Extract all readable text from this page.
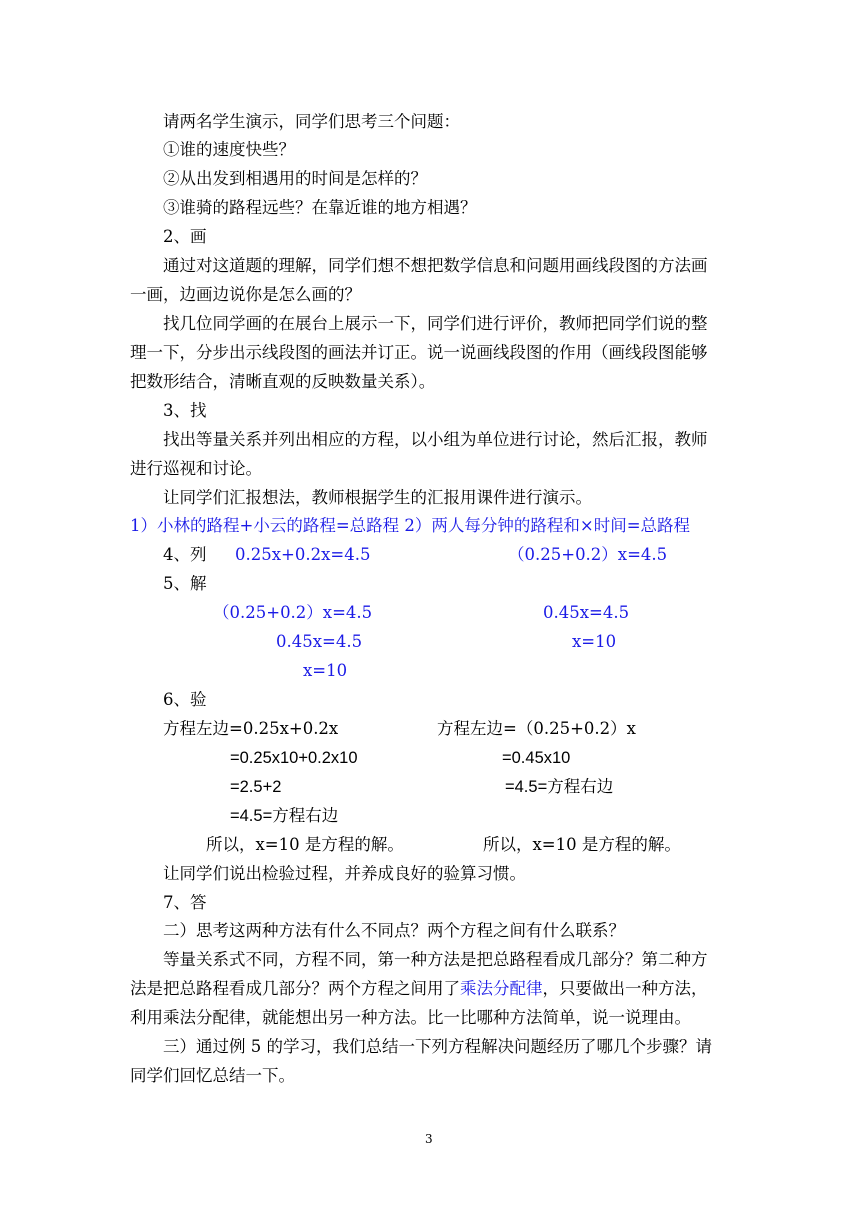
请两名学生演示，同学们思考三个问题：
①谁的速度快些？
②从出发到相遇用的时间是怎样的？
③谁骑的路程远些？在靠近谁的地方相遇？
2、画
通过对这道题的理解，同学们想不想把数学信息和问题用画线段图的方法画
一画，边画边说你是怎么画的？
找几位同学画的在展台上展示一下，同学们进行评价，教师把同学们说的整
理一下，分步出示线段图的画法并订正。说一说画线段图的作用（画线段图能够
把数形结合，清晰直观的反映数量关系）。
3、找
找出等量关系并列出相应的方程，以小组为单位进行讨论，然后汇报，教师
进行巡视和讨论。
让同学们汇报想法，教师根据学生的汇报用课件进行演示。
1）小林的路程+小云的路程=总路程 2）两人每分钟的路程和×时间=总路程
4、列 0.25x+0.2x=4.5	（0.25+0.2）x=4.5
5、解
（0.25+0.2）x=4.5	0.45x=4.5
0.45x=4.5	x=10
x=10
6、验
方程左边=0.25x+0.2x	方程左边=（0.25+0.2）x
=0.25x10+0.2x10	=0.45x10
=2.5+2	=4.5=方程右边
=4.5=方程右边
所以，x=10 是方程的解。	所以，x=10 是方程的解。
让同学们说出检验过程，并养成良好的验算习惯。
7、答
二）思考这两种方法有什么不同点？两个方程之间有什么联系？
等量关系式不同，方程不同，第一种方法是把总路程看成几部分？第二种方
法是把总路程看成几部分？两个方程之间用了乘法分配律，只要做出一种方法，
利用乘法分配律，就能想出另一种方法。比一比哪种方法简单，说一说理由。
三）通过例 5 的学习，我们总结一下列方程解决问题经历了哪几个步骤？请
同学们回忆总结一下。
3
